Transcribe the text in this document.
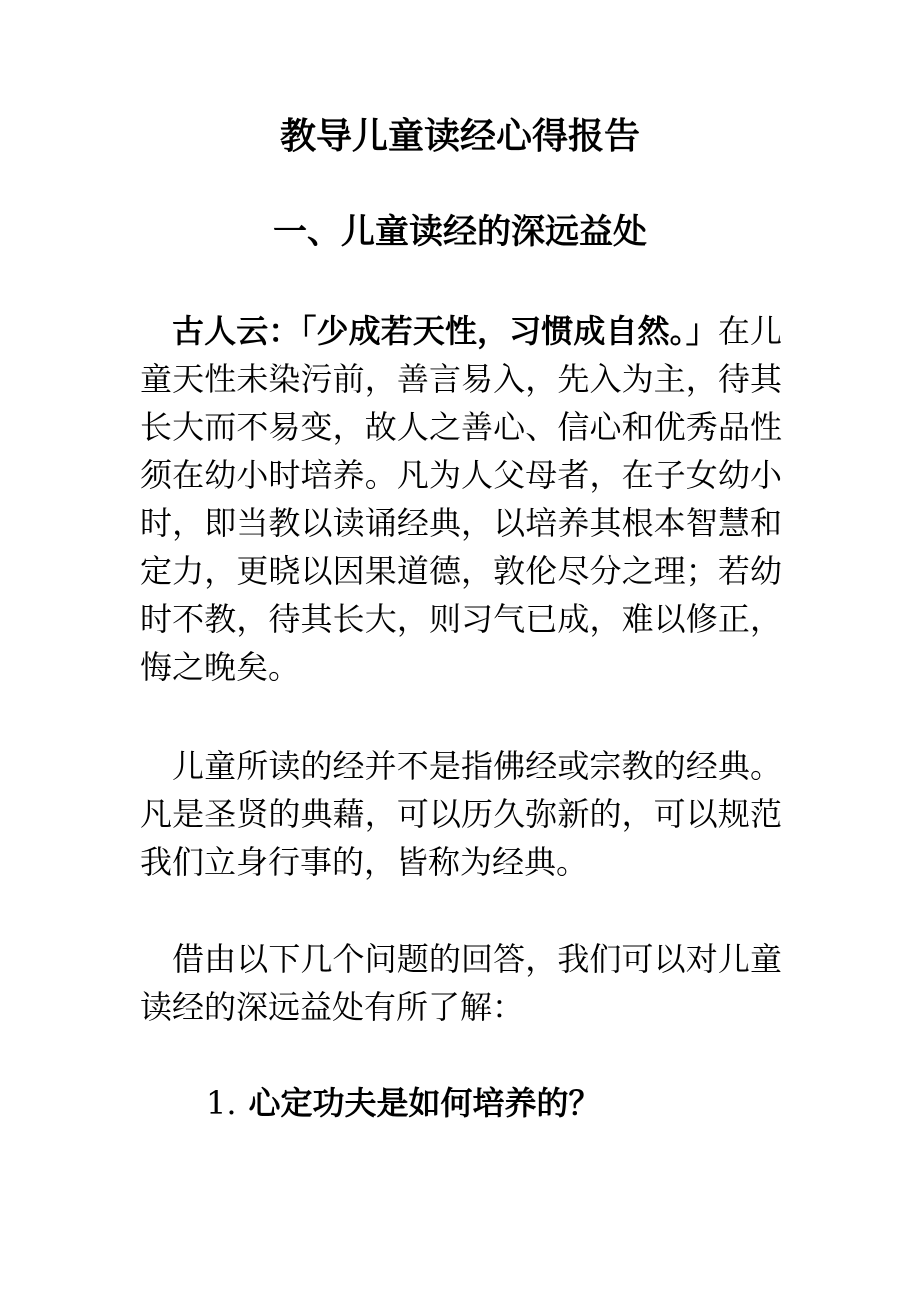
教导儿童读经心得报告
一、儿童读经的深远益处

古人云：「少成若天性，习惯成自然。」在儿童天性未染污前，善言易入，先入为主，待其长大而不易变，故人之善心、信心和优秀品性须在幼小时培养。凡为人父母者，在子女幼小时，即当教以读诵经典，以培养其根本智慧和定力，更晓以因果道德，敦伦尽分之理；若幼时不教，待其长大，则习气已成，难以修正，悔之晚矣。

儿童所读的经并不是指佛经或宗教的经典。凡是圣贤的典藉，可以历久弥新的，可以规范我们立身行事的，皆称为经典。

借由以下几个问题的回答，我们可以对儿童读经的深远益处有所了解：

1. 心定功夫是如何培养的？
